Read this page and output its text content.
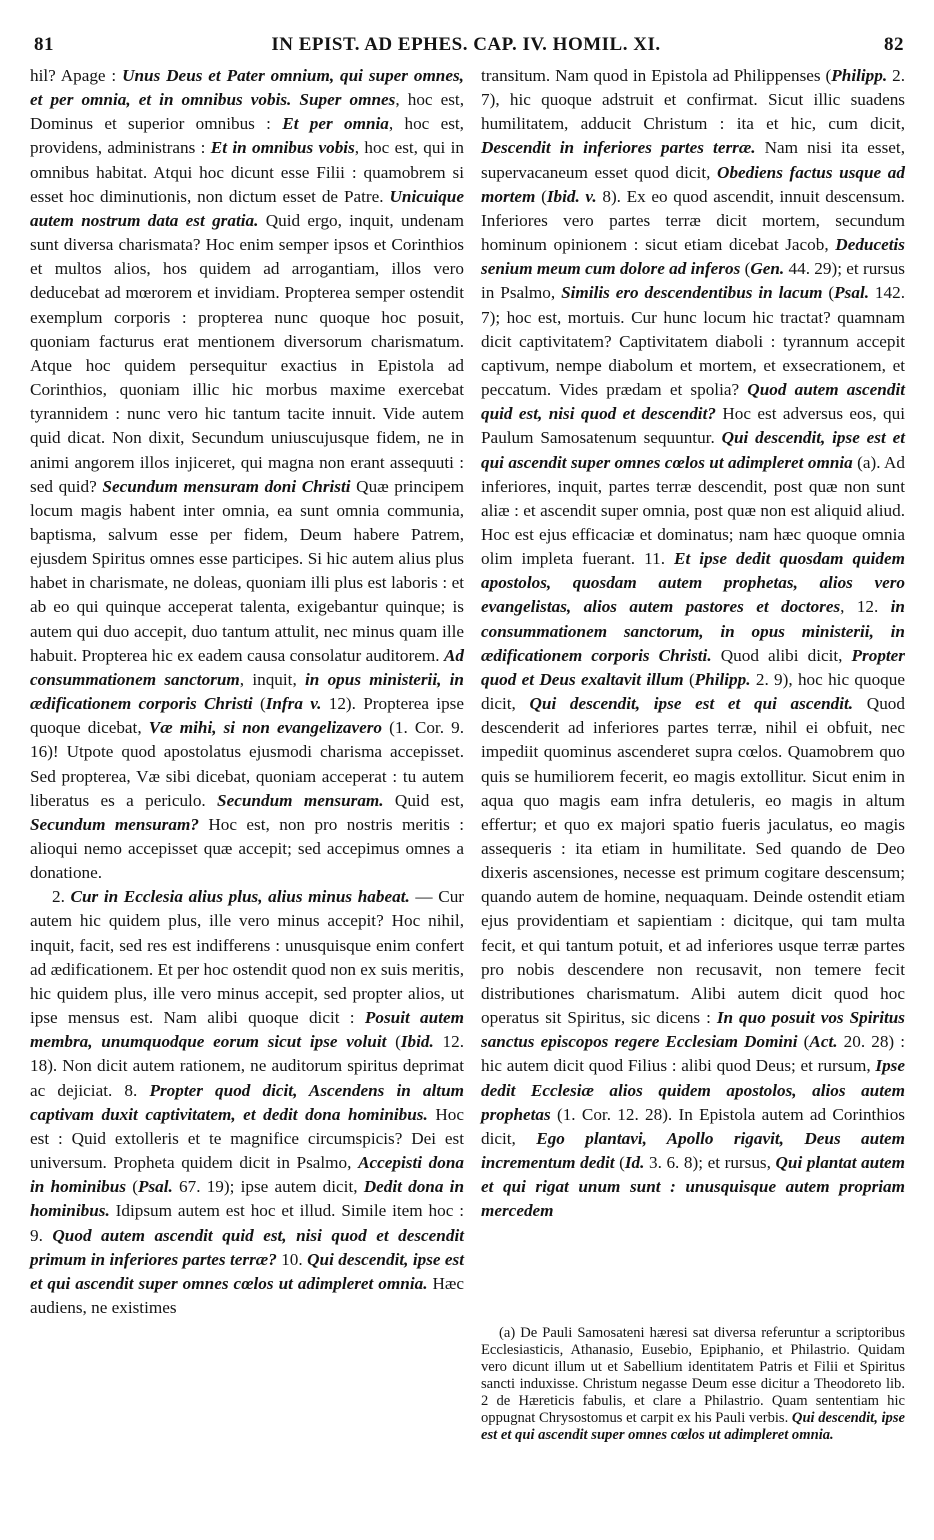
81	IN EPIST. AD EPHES. CAP. IV. HOMIL. XI.	82

hil? Apage : Unus Deus et Pater omnium, qui super omnes, et per omnia, et in omnibus vobis. Super omnes, hoc est, Dominus et superior omnibus : Et per omnia, hoc est, providens, administrans : Et in omnibus vobis, hoc est, qui in omnibus habitat. Atqui hoc dicunt esse Filii : quamobrem si esset hoc diminutionis, non dictum esset de Patre. Unicuique autem nostrum data est gratia. Quid ergo, inquit, undenam sunt diversa charismata? Hoc enim semper ipsos et Corinthios et multos alios, hos quidem ad arrogantiam, illos vero deducebat ad mœrorem et invidiam. Propterea semper ostendit exemplum corporis : propterea nunc quoque hoc posuit, quoniam facturus erat mentionem diversorum charismatum. Atque hoc quidem persequitur exactius in Epistola ad Corinthios, quoniam illic hic morbus maxime exercebat tyrannidem : nunc vero hic tantum tacite innuit. Vide autem quid dicat. Non dixit, Secundum uniuscujusque fidem, ne in animi angorem illos injiceret, qui magna non erant assequuti : sed quid? Secundum mensuram doni Christi Quæ principem locum magis habent inter omnia, ea sunt omnia communia, baptisma, salvum esse per fidem, Deum habere Patrem, ejusdem Spiritus omnes esse participes. Si hic autem alius plus habet in charismate, ne doleas, quoniam illi plus est laboris : et ab eo qui quinque acceperat talenta, exigebantur quinque; is autem qui duo accepit, duo tantum attulit, nec minus quam ille habuit. Propterea hic ex eadem causa consolatur auditorem. Ad consummationem sanctorum, inquit, in opus ministerii, in ædificationem corporis Christi (Infra v. 12). Propterea ipse quoque dicebat, Væ mihi, si non evangelizavero (1. Cor. 9. 16)! Utpote quod apostolatus ejusmodi charisma accepisset. Sed propterea, Væ sibi dicebat, quoniam acceperat : tu autem liberatus es a periculo. Secundum mensuram. Quid est, Secundum mensuram? Hoc est, non pro nostris meritis : alioqui nemo accepisset quæ accepit; sed accepimus omnes a donatione.

2. Cur in Ecclesia alius plus, alius minus habeat. — Cur autem hic quidem plus, ille vero minus accepit? Hoc nihil, inquit, facit, sed res est indifferens : unusquisque enim confert ad ædificationem. Et per hoc ostendit quod non ex suis meritis, hic quidem plus, ille vero minus accepit, sed propter alios, ut ipse mensus est. Nam alibi quoque dicit : Posuit autem membra, unumquodque eorum sicut ipse voluit (Ibid. 12. 18). Non dicit autem rationem, ne auditorum spiritus deprimat ac dejiciat. 8. Propter quod dicit, Ascendens in altum captivam duxit captivitatem, et dedit dona hominibus. Hoc est : Quid extolleris et te magnifice circumspicis? Dei est universum. Propheta quidem dicit in Psalmo, Accepisti dona in hominibus (Psal. 67. 19); ipse autem dicit, Dedit dona in hominibus. Idipsum autem est hoc et illud. Simile item hoc : 9. Quod autem ascendit quid est, nisi quod et descendit primum in inferiores partes terræ? 10. Qui descendit, ipse est et qui ascendit super omnes cœlos ut adimpleret omnia. Hæc audiens, ne existimes

transitum. Nam quod in Epistola ad Philippenses (Philipp. 2. 7), hic quoque adstruit et confirmat. Sicut illic suadens humilitatem, adducit Christum : ita et hic, cum dicit, Descendit in inferiores partes terræ. Nam nisi ita esset, supervacaneum esset quod dicit, Obediens factus usque ad mortem (Ibid. v. 8). Ex eo quod ascendit, innuit descensum. Inferiores vero partes terræ dicit mortem, secundum hominum opinionem : sicut etiam dicebat Jacob, Deducetis senium meum cum dolore ad inferos (Gen. 44. 29); et rursus in Psalmo, Similis ero descendentibus in lacum (Psal. 142. 7); hoc est, mortuis. Cur hunc locum hic tractat? quamnam dicit captivitatem? Captivitatem diaboli : tyrannum accepit captivum, nempe diabolum et mortem, et exsecrationem, et peccatum. Vides prædam et spolia? Quod autem ascendit quid est, nisi quod et descendit? Hoc est adversus eos, qui Paulum Samosatenum sequuntur. Qui descendit, ipse est et qui ascendit super omnes cœlos ut adimpleret omnia (a). Ad inferiores, inquit, partes terræ descendit, post quæ non sunt aliæ : et ascendit super omnia, post quæ non est aliquid aliud. Hoc est ejus efficaciæ et dominatus; nam hæc quoque omnia olim impleta fuerant. 11. Et ipse dedit quosdam quidem apostolos, quosdam autem prophetas, alios vero evangelistas, alios autem pastores et doctores, 12. in consummationem sanctorum, in opus ministerii, in ædificationem corporis Christi. Quod alibi dicit, Propter quod et Deus exaltavit illum (Philipp. 2. 9), hoc hic quoque dicit, Qui descendit, ipse est et qui ascendit. Quod descenderit ad inferiores partes terræ, nihil ei obfuit, nec impediit quominus ascenderet supra cœlos. Quamobrem quo quis se humiliorem fecerit, eo magis extollitur. Sicut enim in aqua quo magis eam infra detuleris, eo magis in altum effertur; et quo ex majori spatio fueris jaculatus, eo magis assequeris : ita etiam in humilitate. Sed quando de Deo dixeris ascensiones, necesse est primum cogitare descensum; quando autem de homine, nequaquam. Deinde ostendit etiam ejus providentiam et sapientiam : dicitque, qui tam multa fecit, et qui tantum potuit, et ad inferiores usque terræ partes pro nobis descendere non recusavit, non temere fecit distributiones charismatum. Alibi autem dicit quod hoc operatus sit Spiritus, sic dicens : In quo posuit vos Spiritus sanctus episcopos regere Ecclesiam Domini (Act. 20. 28) : hic autem dicit quod Filius : alibi quod Deus; et rursum, Ipse dedit Ecclesiæ alios quidem apostolos, alios autem prophetas (1. Cor. 12. 28). In Epistola autem ad Corinthios dicit, Ego plantavi, Apollo rigavit, Deus autem incrementum dedit (Id. 3. 6. 8); et rursus, Qui plantat autem et qui rigat unum sunt : unusquisque autem propriam mercedem

(a) De Pauli Samosateni hæresi sat diversa referuntur a scriptoribus Ecclesiasticis, Athanasio, Eusebio, Epiphanio, et Philastrio. Quidam vero dicunt illum ut et Sabellium identitatem Patris et Filii et Spiritus sancti induxisse. Christum negasse Deum esse dicitur a Theodoreto lib. 2 de Hæreticis fabulis, et clare a Philastrio. Quam sententiam hic oppugnat Chrysostomus et carpit ex his Pauli verbis. Qui descendit, ipse est et qui ascendit super omnes cœlos ut adimpleret omnia.
